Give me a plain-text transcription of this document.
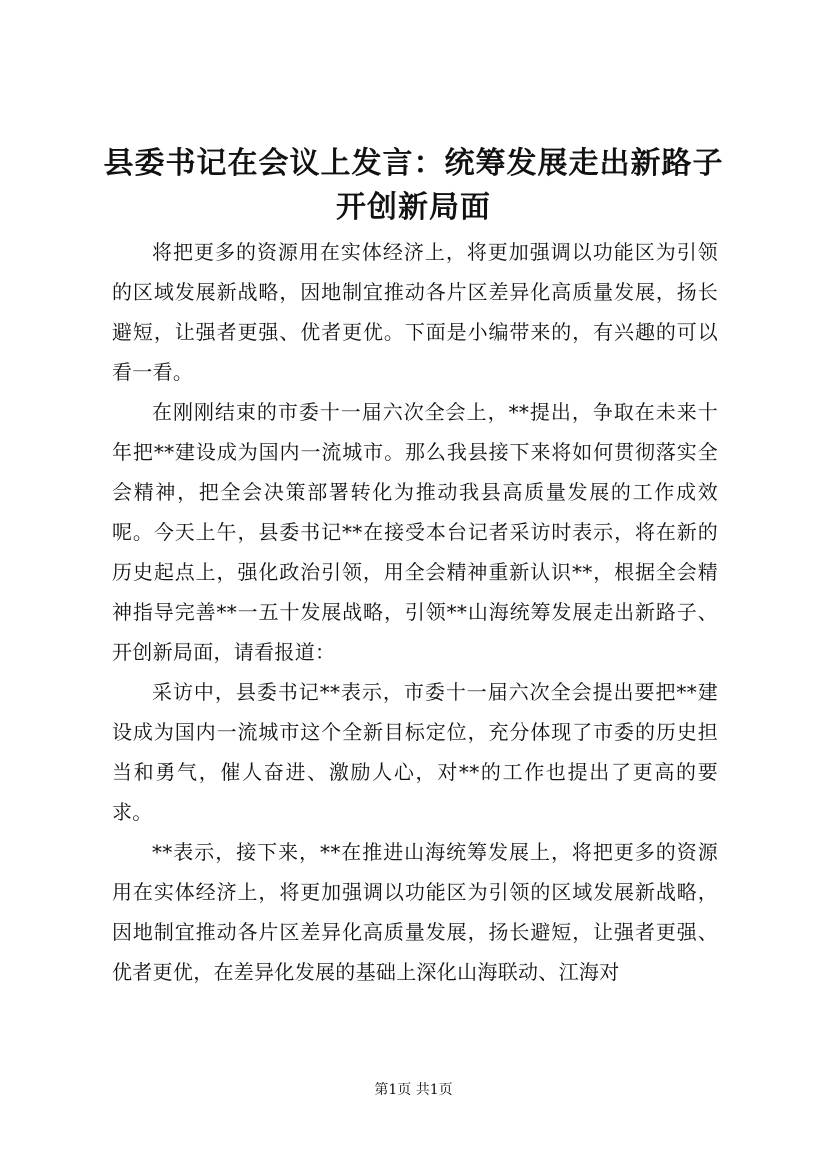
县委书记在会议上发言：统筹发展走出新路子
开创新局面

将把更多的资源用在实体经济上，将更加强调以功能区为引领的区域发展新战略，因地制宜推动各片区差异化高质量发展，扬长避短，让强者更强、优者更优。下面是小编带来的，有兴趣的可以看一看。

在刚刚结束的市委十一届六次全会上，**提出，争取在未来十年把**建设成为国内一流城市。那么我县接下来将如何贯彻落实全会精神，把全会决策部署转化为推动我县高质量发展的工作成效呢。今天上午，县委书记**在接受本台记者采访时表示，将在新的历史起点上，强化政治引领，用全会精神重新认识**，根据全会精神指导完善**一五十发展战略，引领**山海统筹发展走出新路子、开创新局面，请看报道：

采访中，县委书记**表示，市委十一届六次全会提出要把**建设成为国内一流城市这个全新目标定位，充分体现了市委的历史担当和勇气，催人奋进、激励人心，对**的工作也提出了更高的要求。

**表示，接下来，**在推进山海统筹发展上，将把更多的资源用在实体经济上，将更加强调以功能区为引领的区域发展新战略，因地制宜推动各片区差异化高质量发展，扬长避短，让强者更强、优者更优，在差异化发展的基础上深化山海联动、江海对

第1页 共1页
